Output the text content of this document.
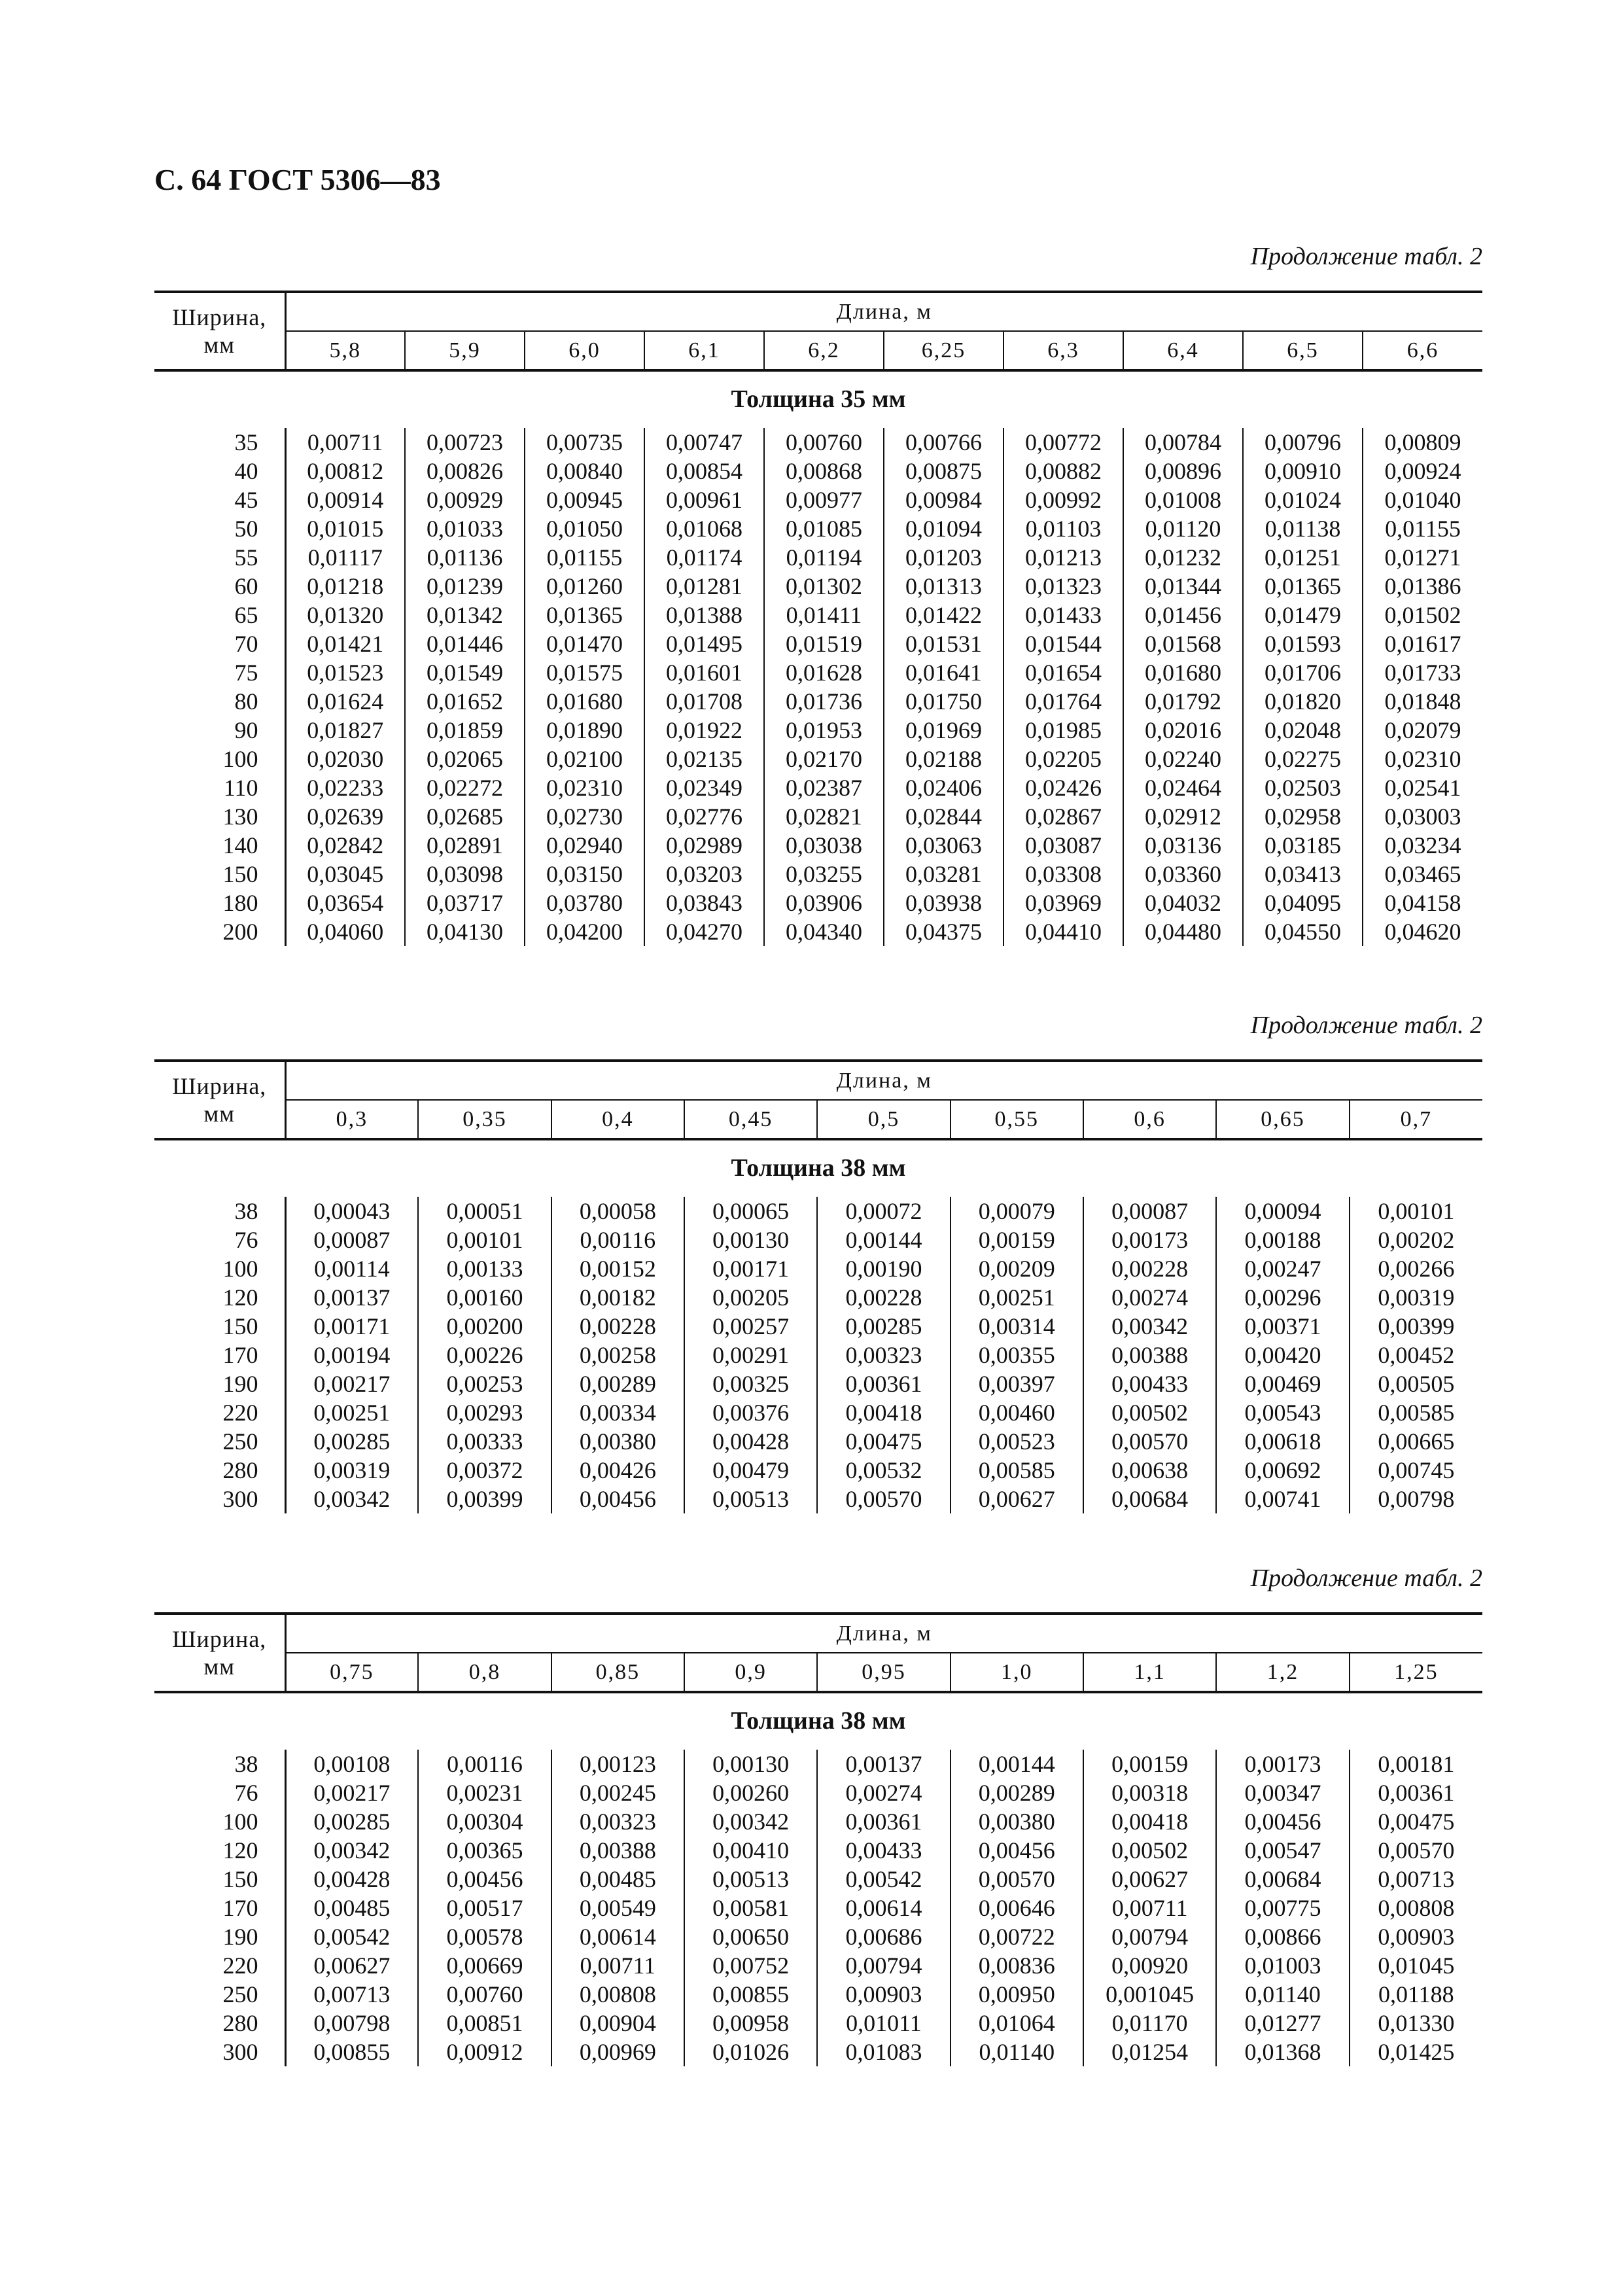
С. 64 ГОСТ 5306—83
Продолжение табл. 2
Ширина,
мм	Длина, м									
	5,8	5,9	6,0	6,1	6,2	6,25	6,3	6,4	6,5	6,6
Толщина 35 мм
35	0,00711	0,00723	0,00735	0,00747	0,00760	0,00766	0,00772	0,00784	0,00796	0,00809
40	0,00812	0,00826	0,00840	0,00854	0,00868	0,00875	0,00882	0,00896	0,00910	0,00924
45	0,00914	0,00929	0,00945	0,00961	0,00977	0,00984	0,00992	0,01008	0,01024	0,01040
50	0,01015	0,01033	0,01050	0,01068	0,01085	0,01094	0,01103	0,01120	0,01138	0,01155
55	0,01117	0,01136	0,01155	0,01174	0,01194	0,01203	0,01213	0,01232	0,01251	0,01271
60	0,01218	0,01239	0,01260	0,01281	0,01302	0,01313	0,01323	0,01344	0,01365	0,01386
65	0,01320	0,01342	0,01365	0,01388	0,01411	0,01422	0,01433	0,01456	0,01479	0,01502
70	0,01421	0,01446	0,01470	0,01495	0,01519	0,01531	0,01544	0,01568	0,01593	0,01617
75	0,01523	0,01549	0,01575	0,01601	0,01628	0,01641	0,01654	0,01680	0,01706	0,01733
80	0,01624	0,01652	0,01680	0,01708	0,01736	0,01750	0,01764	0,01792	0,01820	0,01848
90	0,01827	0,01859	0,01890	0,01922	0,01953	0,01969	0,01985	0,02016	0,02048	0,02079
100	0,02030	0,02065	0,02100	0,02135	0,02170	0,02188	0,02205	0,02240	0,02275	0,02310
110	0,02233	0,02272	0,02310	0,02349	0,02387	0,02406	0,02426	0,02464	0,02503	0,02541
130	0,02639	0,02685	0,02730	0,02776	0,02821	0,02844	0,02867	0,02912	0,02958	0,03003
140	0,02842	0,02891	0,02940	0,02989	0,03038	0,03063	0,03087	0,03136	0,03185	0,03234
150	0,03045	0,03098	0,03150	0,03203	0,03255	0,03281	0,03308	0,03360	0,03413	0,03465
180	0,03654	0,03717	0,03780	0,03843	0,03906	0,03938	0,03969	0,04032	0,04095	0,04158
200	0,04060	0,04130	0,04200	0,04270	0,04340	0,04375	0,04410	0,04480	0,04550	0,04620
Продолжение табл. 2
Ширина,
мм	Длина, м								
	0,3	0,35	0,4	0,45	0,5	0,55	0,6	0,65	0,7
Толщина 38 мм
38	0,00043	0,00051	0,00058	0,00065	0,00072	0,00079	0,00087	0,00094	0,00101
76	0,00087	0,00101	0,00116	0,00130	0,00144	0,00159	0,00173	0,00188	0,00202
100	0,00114	0,00133	0,00152	0,00171	0,00190	0,00209	0,00228	0,00247	0,00266
120	0,00137	0,00160	0,00182	0,00205	0,00228	0,00251	0,00274	0,00296	0,00319
150	0,00171	0,00200	0,00228	0,00257	0,00285	0,00314	0,00342	0,00371	0,00399
170	0,00194	0,00226	0,00258	0,00291	0,00323	0,00355	0,00388	0,00420	0,00452
190	0,00217	0,00253	0,00289	0,00325	0,00361	0,00397	0,00433	0,00469	0,00505
220	0,00251	0,00293	0,00334	0,00376	0,00418	0,00460	0,00502	0,00543	0,00585
250	0,00285	0,00333	0,00380	0,00428	0,00475	0,00523	0,00570	0,00618	0,00665
280	0,00319	0,00372	0,00426	0,00479	0,00532	0,00585	0,00638	0,00692	0,00745
300	0,00342	0,00399	0,00456	0,00513	0,00570	0,00627	0,00684	0,00741	0,00798
Продолжение табл. 2
Ширина,
мм	Длина, м								
	0,75	0,8	0,85	0,9	0,95	1,0	1,1	1,2	1,25
Толщина 38 мм
38	0,00108	0,00116	0,00123	0,00130	0,00137	0,00144	0,00159	0,00173	0,00181
76	0,00217	0,00231	0,00245	0,00260	0,00274	0,00289	0,00318	0,00347	0,00361
100	0,00285	0,00304	0,00323	0,00342	0,00361	0,00380	0,00418	0,00456	0,00475
120	0,00342	0,00365	0,00388	0,00410	0,00433	0,00456	0,00502	0,00547	0,00570
150	0,00428	0,00456	0,00485	0,00513	0,00542	0,00570	0,00627	0,00684	0,00713
170	0,00485	0,00517	0,00549	0,00581	0,00614	0,00646	0,00711	0,00775	0,00808
190	0,00542	0,00578	0,00614	0,00650	0,00686	0,00722	0,00794	0,00866	0,00903
220	0,00627	0,00669	0,00711	0,00752	0,00794	0,00836	0,00920	0,01003	0,01045
250	0,00713	0,00760	0,00808	0,00855	0,00903	0,00950	0,001045	0,01140	0,01188
280	0,00798	0,00851	0,00904	0,00958	0,01011	0,01064	0,01170	0,01277	0,01330
300	0,00855	0,00912	0,00969	0,01026	0,01083	0,01140	0,01254	0,01368	0,01425
